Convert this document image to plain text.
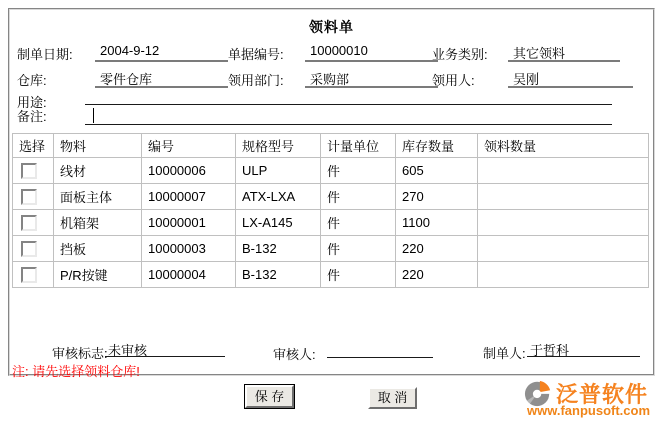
领料单
制单日期:	2004-9-12	单据编号:	10000010	业务类别:	其它领料
仓库:	零件仓库	领用部门:	采购部	领用人:	吴刚
用途:
备注:
选择	物料	编号	规格型号	计量单位	库存数量	领料数量
	线材	10000006	ULP	件	605	
	面板主体	10000007	ATX-LXA	件	270	
	机箱架	10000001	LX-A145	件	1100	
	挡板	10000003	B-132	件	220	
	P/R按键	10000004	B-132	件	220	
审核标志: 未审核	审核人:	制单人: 于哲科
注: 请先选择领料仓库!
保 存	取 消	泛普软件
www.fanpusoft.com
